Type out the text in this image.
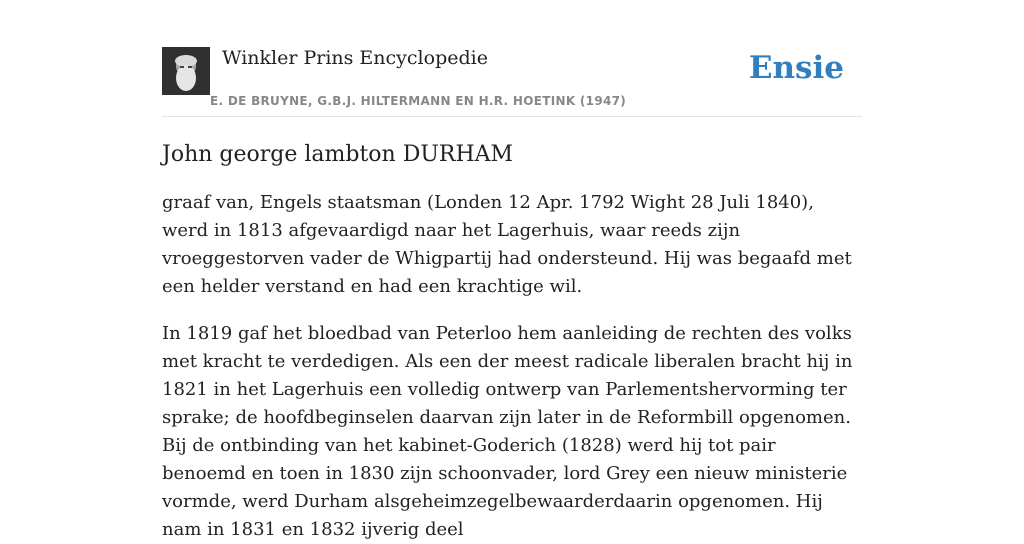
Winkler Prins Encyclopedie
E. DE BRUYNE, G.B.J. HILTERMANN EN H.R. HOETINK (1947)
Ensie
John george lambton DURHAM

graaf van, Engels staatsman (Londen 12 Apr. 1792 Wight 28 Juli 1840), werd in 1813 afgevaardigd naar het Lagerhuis, waar reeds zijn vroeggestorven vader de Whigpartij had ondersteund. Hij was begaafd met een helder verstand en had een krachtige wil.

In 1819 gaf het bloedbad van Peterloo hem aanleiding de rechten des volks met kracht te verdedigen. Als een der meest radicale liberalen bracht hij in 1821 in het Lagerhuis een volledig ontwerp van Parlementshervorming ter sprake; de hoofdbeginselen daarvan zijn later in de Reformbill opgenomen. Bij de ontbinding van het kabinet-Goderich (1828) werd hij tot pair benoemd en toen in 1830 zijn schoonvader, lord Grey een nieuw ministerie vormde, werd Durham alsgeheimzegelbewaarderdaarin opgenomen. Hij nam in 1831 en 1832 ijverig deel
